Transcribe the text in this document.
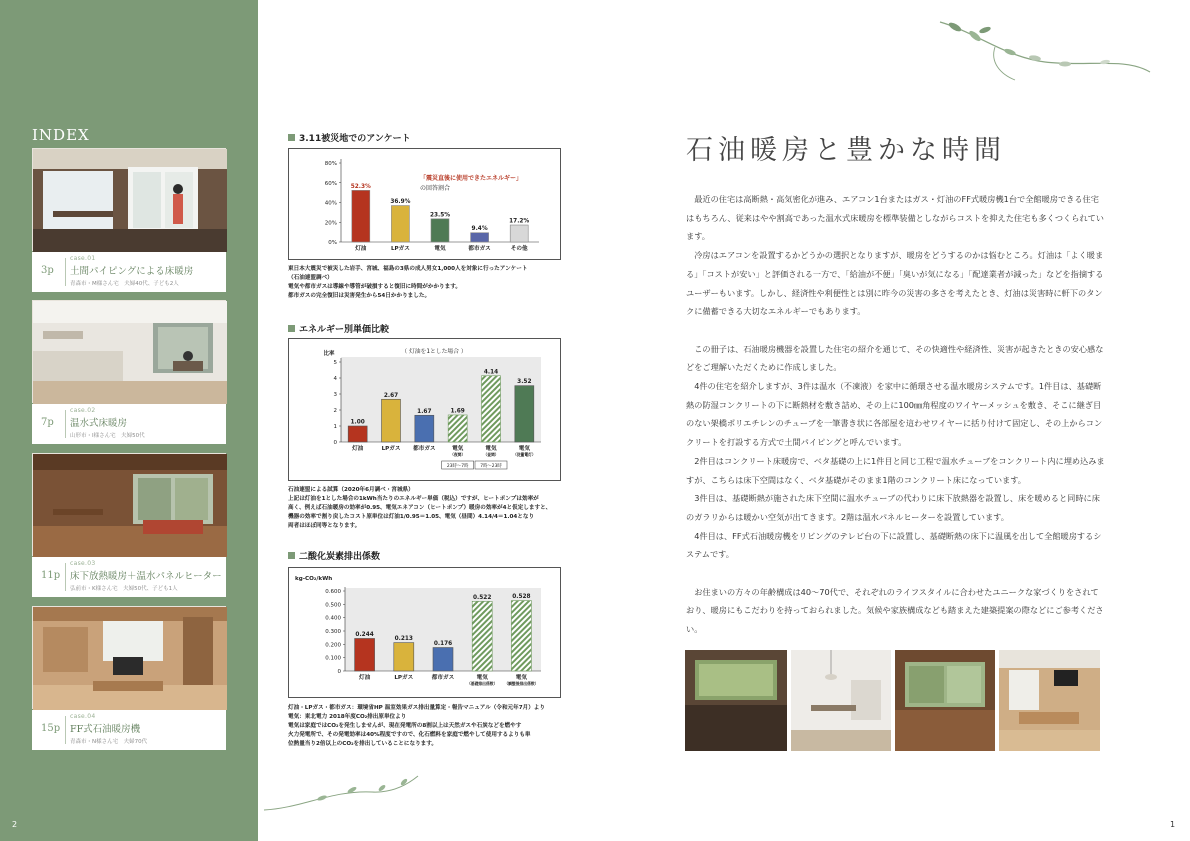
INDEX
3p
case.01
土間パイピングによる床暖房
青森市・M様さん宅　夫婦40代、子ども2人
7p
case.02
温水式床暖房
山形市・I様さん宅　夫婦50代
11p
case.03
床下放熱暖房＋温水パネルヒーター
弘前市・K様さん宅　夫婦50代、子ども1人
15p
case.04
FF式石油暖房機
青森市・N様さん宅　夫婦70代
2
3.11被災地でのアンケート
0%
20%
40%
60%
80%
52.3%
灯油
36.9%
LPガス
23.5%
電気
9.4%
都市ガス
17.2%
その他
「震災直後に使用できたエネルギー」
の回答割合
東日本大震災で被災した岩手、宮城、福島の3県の成人男女1,000人を対象に行ったアンケート
（石油連盟調べ）
電気や都市ガスは導線や導管が破損すると復旧に時間がかかります。
都市ガスの完全復旧は災害発生から54日かかりました。
エネルギー別単価比較
（ 灯油を1とした場合 ）
比率
0
1
2
3
4
5
1.00
灯油
2.67
LPガス
1.67
都市ガス
1.69
電気
（夜間）
4.14
電気
（昼間）
3.52
電気
（従量電灯）
23時〜7時	7時〜23時
石油連盟による試算（2020年6月調べ・宮城県）
上記は灯油を1とした場合の1kWh当たりのエネルギー単価（税込）ですが、ヒートポンプは効率が
高く、例えば石油暖房の効率が0.95、電気エネアコン（ヒートポンプ）暖房の効率が4と仮定しますと、
機器の効率で割り戻したコスト原単位は灯油1/0.95＝1.05、電気（昼間）4.14/4＝1.04となり
両者はほぼ同等となります。
二酸化炭素排出係数
kg-CO₂/kWh
0
0.100
0.200
0.300
0.400
0.500
0.600
0.244
灯油
0.213
LPガス
0.176
都市ガス
0.522
電気
（基礎排出係数）
0.528
電気
（調整後排出係数）
灯油・LPガス・都市ガス：環境省HP 温室効果ガス排出量算定・報告マニュアル（令和元年7月）より
電気：東北電力 2018年度CO₂排出原単位より
電気は家庭ではCO₂を発生しませんが、現在発電所の8割以上は天然ガスや石炭などを燃やす
火力発電所で、その発電効率は40%程度ですので、化石燃料を家庭で燃やして使用するよりも単
位熱量当り2倍以上のCO₂を排出していることになります。
石油暖房と豊かな時間

最近の住宅は高断熱・高気密化が進み、エアコン1台またはガス・灯油のFF式暖房機1台で全館暖房できる住宅はもちろん、従来はやや割高であった温水式床暖房を標準装備としながらコストを抑えた住宅も多くつくられています。

冷房はエアコンを設置するかどうかの選択となりますが、暖房をどうするのかは悩むところ。灯油は「よく暖まる」「コストが安い」と評価される一方で、「給油が不便」「臭いが気になる」「配達業者が減った」などを指摘するユーザーもいます。しかし、経済性や利便性とは別に昨今の災害の多さを考えたとき、灯油は災害時に軒下のタンクに備蓄できる大切なエネルギーでもあります。

この冊子は、石油暖房機器を設置した住宅の紹介を通じて、その快適性や経済性、災害が起きたときの安心感などをご理解いただくために作成しました。

4件の住宅を紹介しますが、3件は温水（不凍液）を家中に循環させる温水暖房システムです。1件目は、基礎断熱の防湿コンクリートの下に断熱材を敷き詰め、その上に100㎜角程度のワイヤーメッシュを敷き、そこに継ぎ目のない架橋ポリエチレンのチューブを一筆書き状に各部屋を這わせワイヤーに括り付けて固定し、その上からコンクリートを打設する方式で土間パイピングと呼んでいます。

2件目はコンクリート床暖房で、ベタ基礎の上に1件目と同じ工程で温水チューブをコンクリート内に埋め込みますが、こちらは床下空間はなく、ベタ基礎がそのまま1階のコンクリート床になっています。

3件目は、基礎断熱が施された床下空間に温水チューブの代わりに床下放熱器を設置し、床を暖めると同時に床のガラリからは暖かい空気が出てきます。2階は温水パネルヒーターを設置しています。

4件目は、FF式石油暖房機をリビングのテレビ台の下に設置し、基礎断熱の床下に温風を出して全館暖房するシステムです。

お住まいの方々の年齢構成は40〜70代で、それぞれのライフスタイルに合わせたユニークな家づくりをされており、暖房にもこだわりを持っておられました。気候や家族構成なども踏まえた建築提案の際などにご参考ください。

1
